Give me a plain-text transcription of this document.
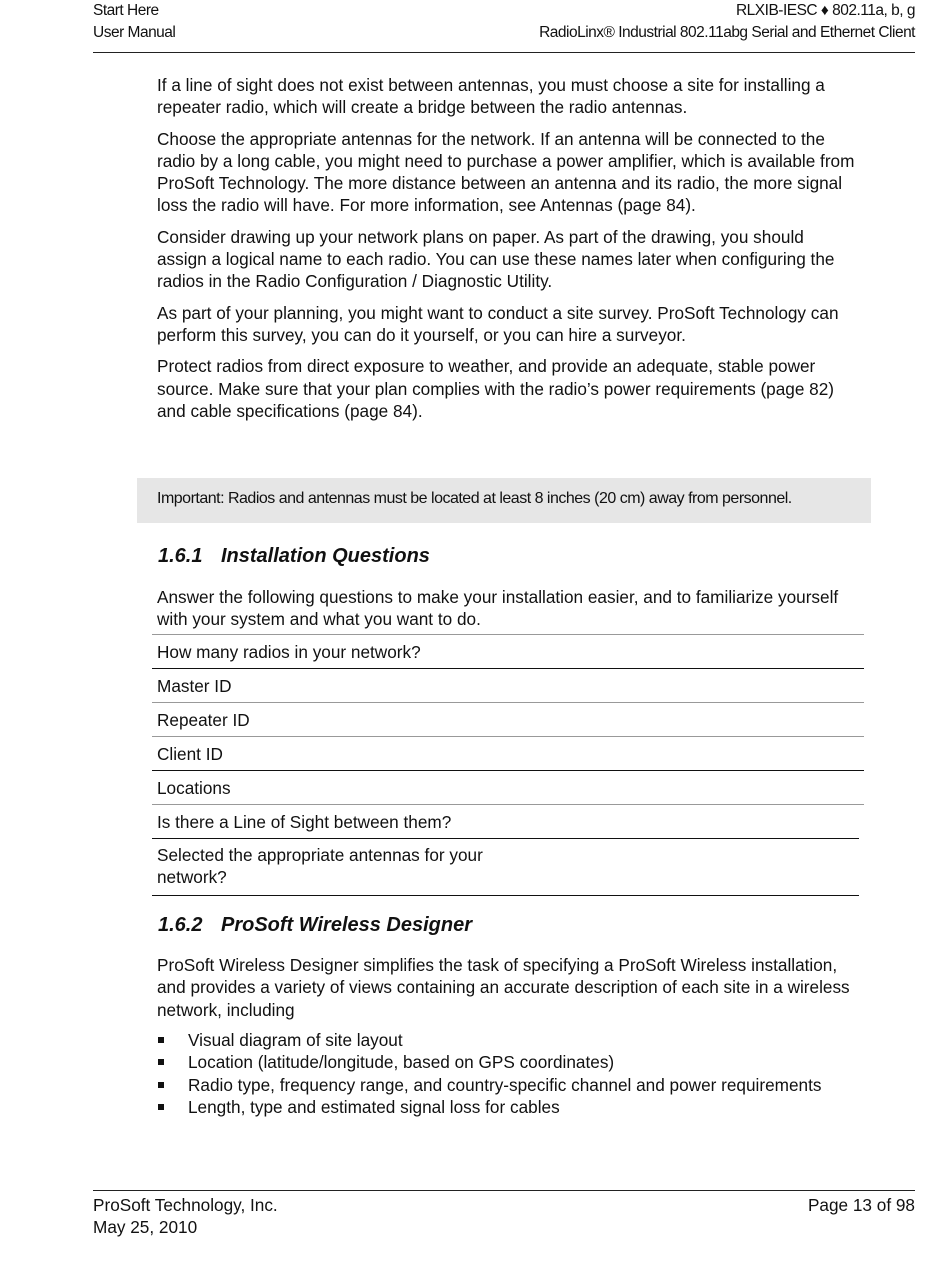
Start Here
User Manual
RLXIB-IESC ♦ 802.11a, b, g
RadioLinx® Industrial 802.11abg Serial and Ethernet Client

If a line of sight does not exist between antennas, you must choose a site for installing a repeater radio, which will create a bridge between the radio antennas.

Choose the appropriate antennas for the network. If an antenna will be connected to the radio by a long cable, you might need to purchase a power amplifier, which is available from ProSoft Technology. The more distance between an antenna and its radio, the more signal loss the radio will have. For more information, see Antennas (page 84).

Consider drawing up your network plans on paper. As part of the drawing, you should assign a logical name to each radio. You can use these names later when configuring the radios in the Radio Configuration / Diagnostic Utility.

As part of your planning, you might want to conduct a site survey. ProSoft Technology can perform this survey, you can do it yourself, or you can hire a surveyor.

Protect radios from direct exposure to weather, and provide an adequate, stable power source. Make sure that your plan complies with the radio’s power requirements (page 82) and cable specifications (page 84).

Important: Radios and antennas must be located at least 8 inches (20 cm) away from personnel.
1.6.1 Installation Questions
Answer the following questions to make your installation easier, and to familiarize yourself with your system and what you want to do.
How many radios in your network?
Master ID
Repeater ID
Client ID
Locations
Is there a Line of Sight between them?
Selected the appropriate antennas for your network?
1.6.2 ProSoft Wireless Designer
ProSoft Wireless Designer simplifies the task of specifying a ProSoft Wireless installation, and provides a variety of views containing an accurate description of each site in a wireless network, including
Visual diagram of site layout
Location (latitude/longitude, based on GPS coordinates)
Radio type, frequency range, and country-specific channel and power requirements
Length, type and estimated signal loss for cables
ProSoft Technology, Inc.
May 25, 2010
Page 13 of 98
